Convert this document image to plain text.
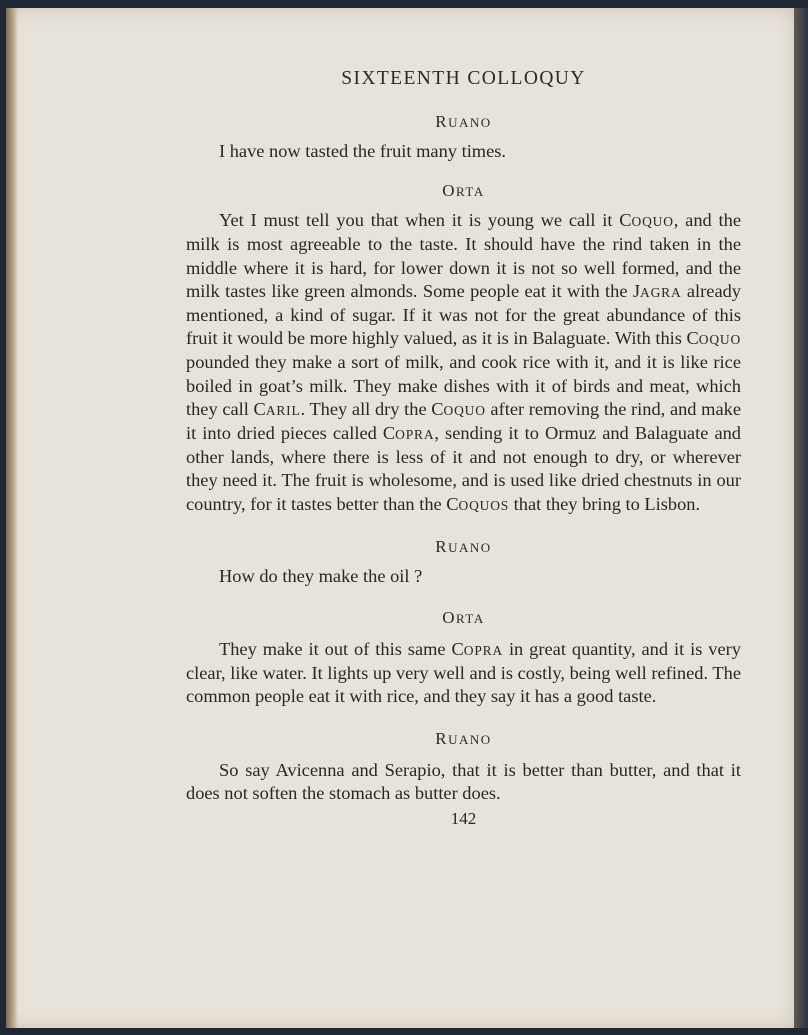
SIXTEENTH COLLOQUY

RUANO

I have now tasted the fruit many times.

ORTA

Yet I must tell you that when it is young we call it COQUO, and the milk is most agreeable to the taste. It should have the rind taken in the middle where it is hard, for lower down it is not so well formed, and the milk tastes like green almonds. Some people eat it with the JAGRA already mentioned, a kind of sugar. If it was not for the great abundance of this fruit it would be more highly valued, as it is in Balaguate. With this COQUO pounded they make a sort of milk, and cook rice with it, and it is like rice boiled in goat’s milk. They make dishes with it of birds and meat, which they call CARIL. They all dry the COQUO after removing the rind, and make it into dried pieces called COPRA, sending it to Ormuz and Balaguate and other lands, where there is less of it and not enough to dry, or wherever they need it. The fruit is wholesome, and is used like dried chestnuts in our country, for it tastes better than the COQUOS that they bring to Lisbon.

RUANO

How do they make the oil ?

ORTA

They make it out of this same COPRA in great quantity, and it is very clear, like water. It lights up very well and is costly, being well refined. The common people eat it with rice, and they say it has a good taste.

RUANO

So say Avicenna and Serapio, that it is better than butter, and that it does not soften the stomach as butter does.

142
